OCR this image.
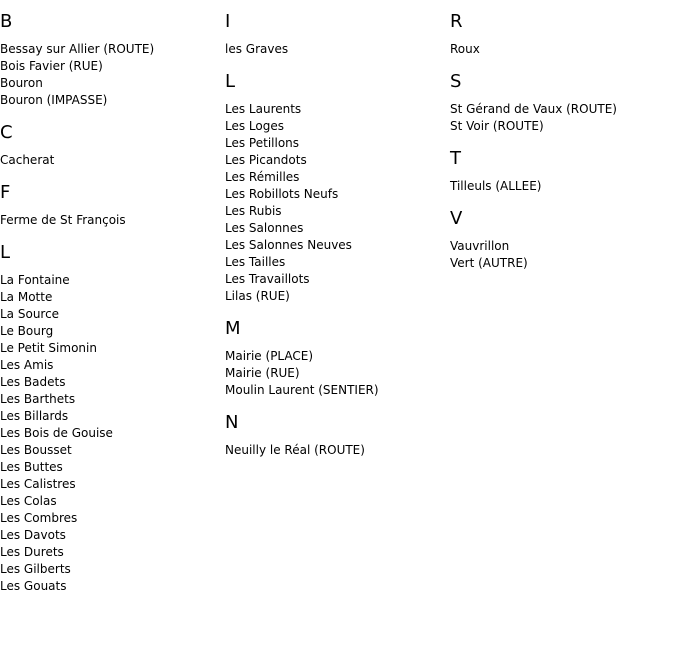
B
Bessay sur Allier (ROUTE)
Bois Favier (RUE)
Bouron
Bouron (IMPASSE)
C
Cacherat
F
Ferme de St François
L
La Fontaine
La Motte
La Source
Le Bourg
Le Petit Simonin
Les Amis
Les Badets
Les Barthets
Les Billards
Les Bois de Gouise
Les Bousset
Les Buttes
Les Calistres
Les Colas
Les Combres
Les Davots
Les Durets
Les Gilberts
Les Gouats
I
les Graves
L
Les Laurents
Les Loges
Les Petillons
Les Picandots
Les Rémilles
Les Robillots Neufs
Les Rubis
Les Salonnes
Les Salonnes Neuves
Les Tailles
Les Travaillots
Lilas (RUE)
M
Mairie (PLACE)
Mairie (RUE)
Moulin Laurent (SENTIER)
N
Neuilly le Réal (ROUTE)
R
Roux
S
St Gérand de Vaux (ROUTE)
St Voir (ROUTE)
T
Tilleuls (ALLEE)
V
Vauvrillon
Vert (AUTRE)
